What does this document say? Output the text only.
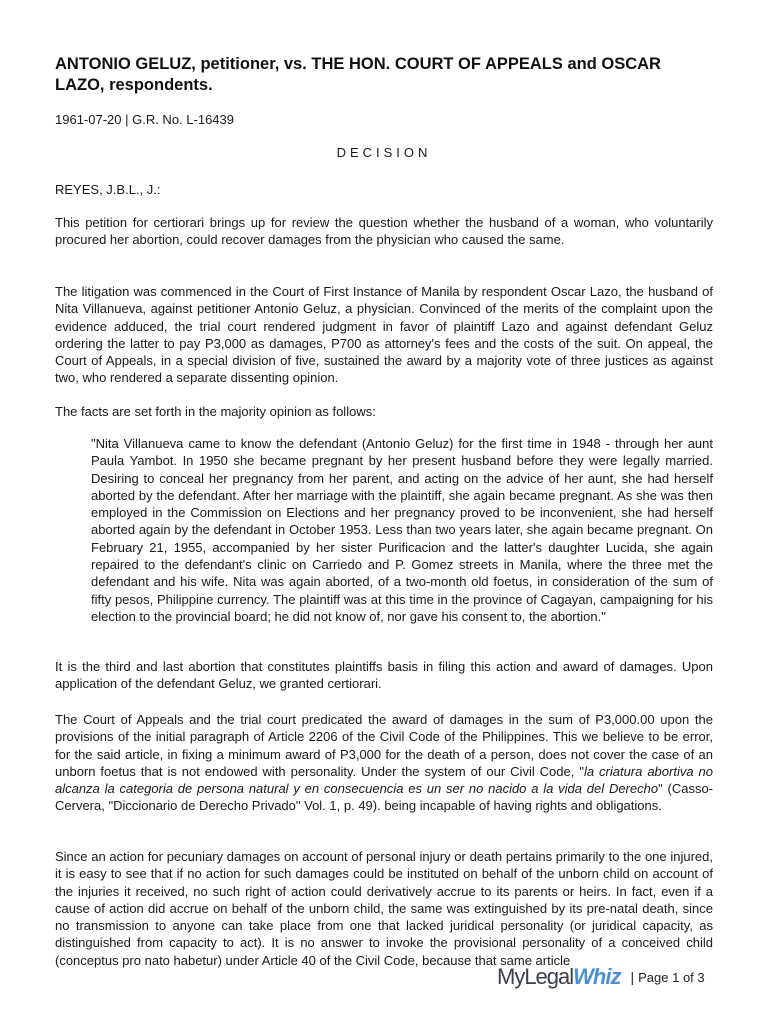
ANTONIO GELUZ, petitioner, vs. THE HON. COURT OF APPEALS and OSCAR LAZO, respondents.
1961-07-20 | G.R. No. L-16439
DECISION
REYES, J.B.L., J.:

This petition for certiorari brings up for review the question whether the husband of a woman, who voluntarily procured her abortion, could recover damages from the physician who caused the same.

The litigation was commenced in the Court of First Instance of Manila by respondent Oscar Lazo, the husband of Nita Villanueva, against petitioner Antonio Geluz, a physician. Convinced of the merits of the complaint upon the evidence adduced, the trial court rendered judgment in favor of plaintiff Lazo and against defendant Geluz ordering the latter to pay P3,000 as damages, P700 as attorney's fees and the costs of the suit. On appeal, the Court of Appeals, in a special division of five, sustained the award by a majority vote of three justices as against two, who rendered a separate dissenting opinion.

The facts are set forth in the majority opinion as follows:

"Nita Villanueva came to know the defendant (Antonio Geluz) for the first time in 1948 - through her aunt Paula Yambot. In 1950 she became pregnant by her present husband before they were legally married. Desiring to conceal her pregnancy from her parent, and acting on the advice of her aunt, she had herself aborted by the defendant. After her marriage with the plaintiff, she again became pregnant. As she was then employed in the Commission on Elections and her pregnancy proved to be inconvenient, she had herself aborted again by the defendant in October 1953. Less than two years later, she again became pregnant. On February 21, 1955, accompanied by her sister Purificacion and the latter's daughter Lucida, she again repaired to the defendant's clinic on Carriedo and P. Gomez streets in Manila, where the three met the defendant and his wife. Nita was again aborted, of a two-month old foetus, in consideration of the sum of fifty pesos, Philippine currency. The plaintiff was at this time in the province of Cagayan, campaigning for his election to the provincial board; he did not know of, nor gave his consent to, the abortion."

It is the third and last abortion that constitutes plaintiffs basis in filing this action and award of damages. Upon application of the defendant Geluz, we granted certiorari.

The Court of Appeals and the trial court predicated the award of damages in the sum of P3,000.00 upon the provisions of the initial paragraph of Article 2206 of the Civil Code of the Philippines. This we believe to be error, for the said article, in fixing a minimum award of P3,000 for the death of a person, does not cover the case of an unborn foetus that is not endowed with personality. Under the system of our Civil Code, "la criatura abortiva no alcanza la categoria de persona natural y en consecuencia es un ser no nacido a la vida del Derecho" (Casso-Cervera, "Diccionario de Derecho Privado" Vol. 1, p. 49). being incapable of having rights and obligations.

Since an action for pecuniary damages on account of personal injury or death pertains primarily to the one injured, it is easy to see that if no action for such damages could be instituted on behalf of the unborn child on account of the injuries it received, no such right of action could derivatively accrue to its parents or heirs. In fact, even if a cause of action did accrue on behalf of the unborn child, the same was extinguished by its pre-natal death, since no transmission to anyone can take place from one that lacked juridical personality (or juridical capacity, as distinguished from capacity to act). It is no answer to invoke the provisional personality of a conceived child (conceptus pro nato habetur) under Article 40 of the Civil Code, because that same article

MyLegal Whiz | Page 1 of 3
